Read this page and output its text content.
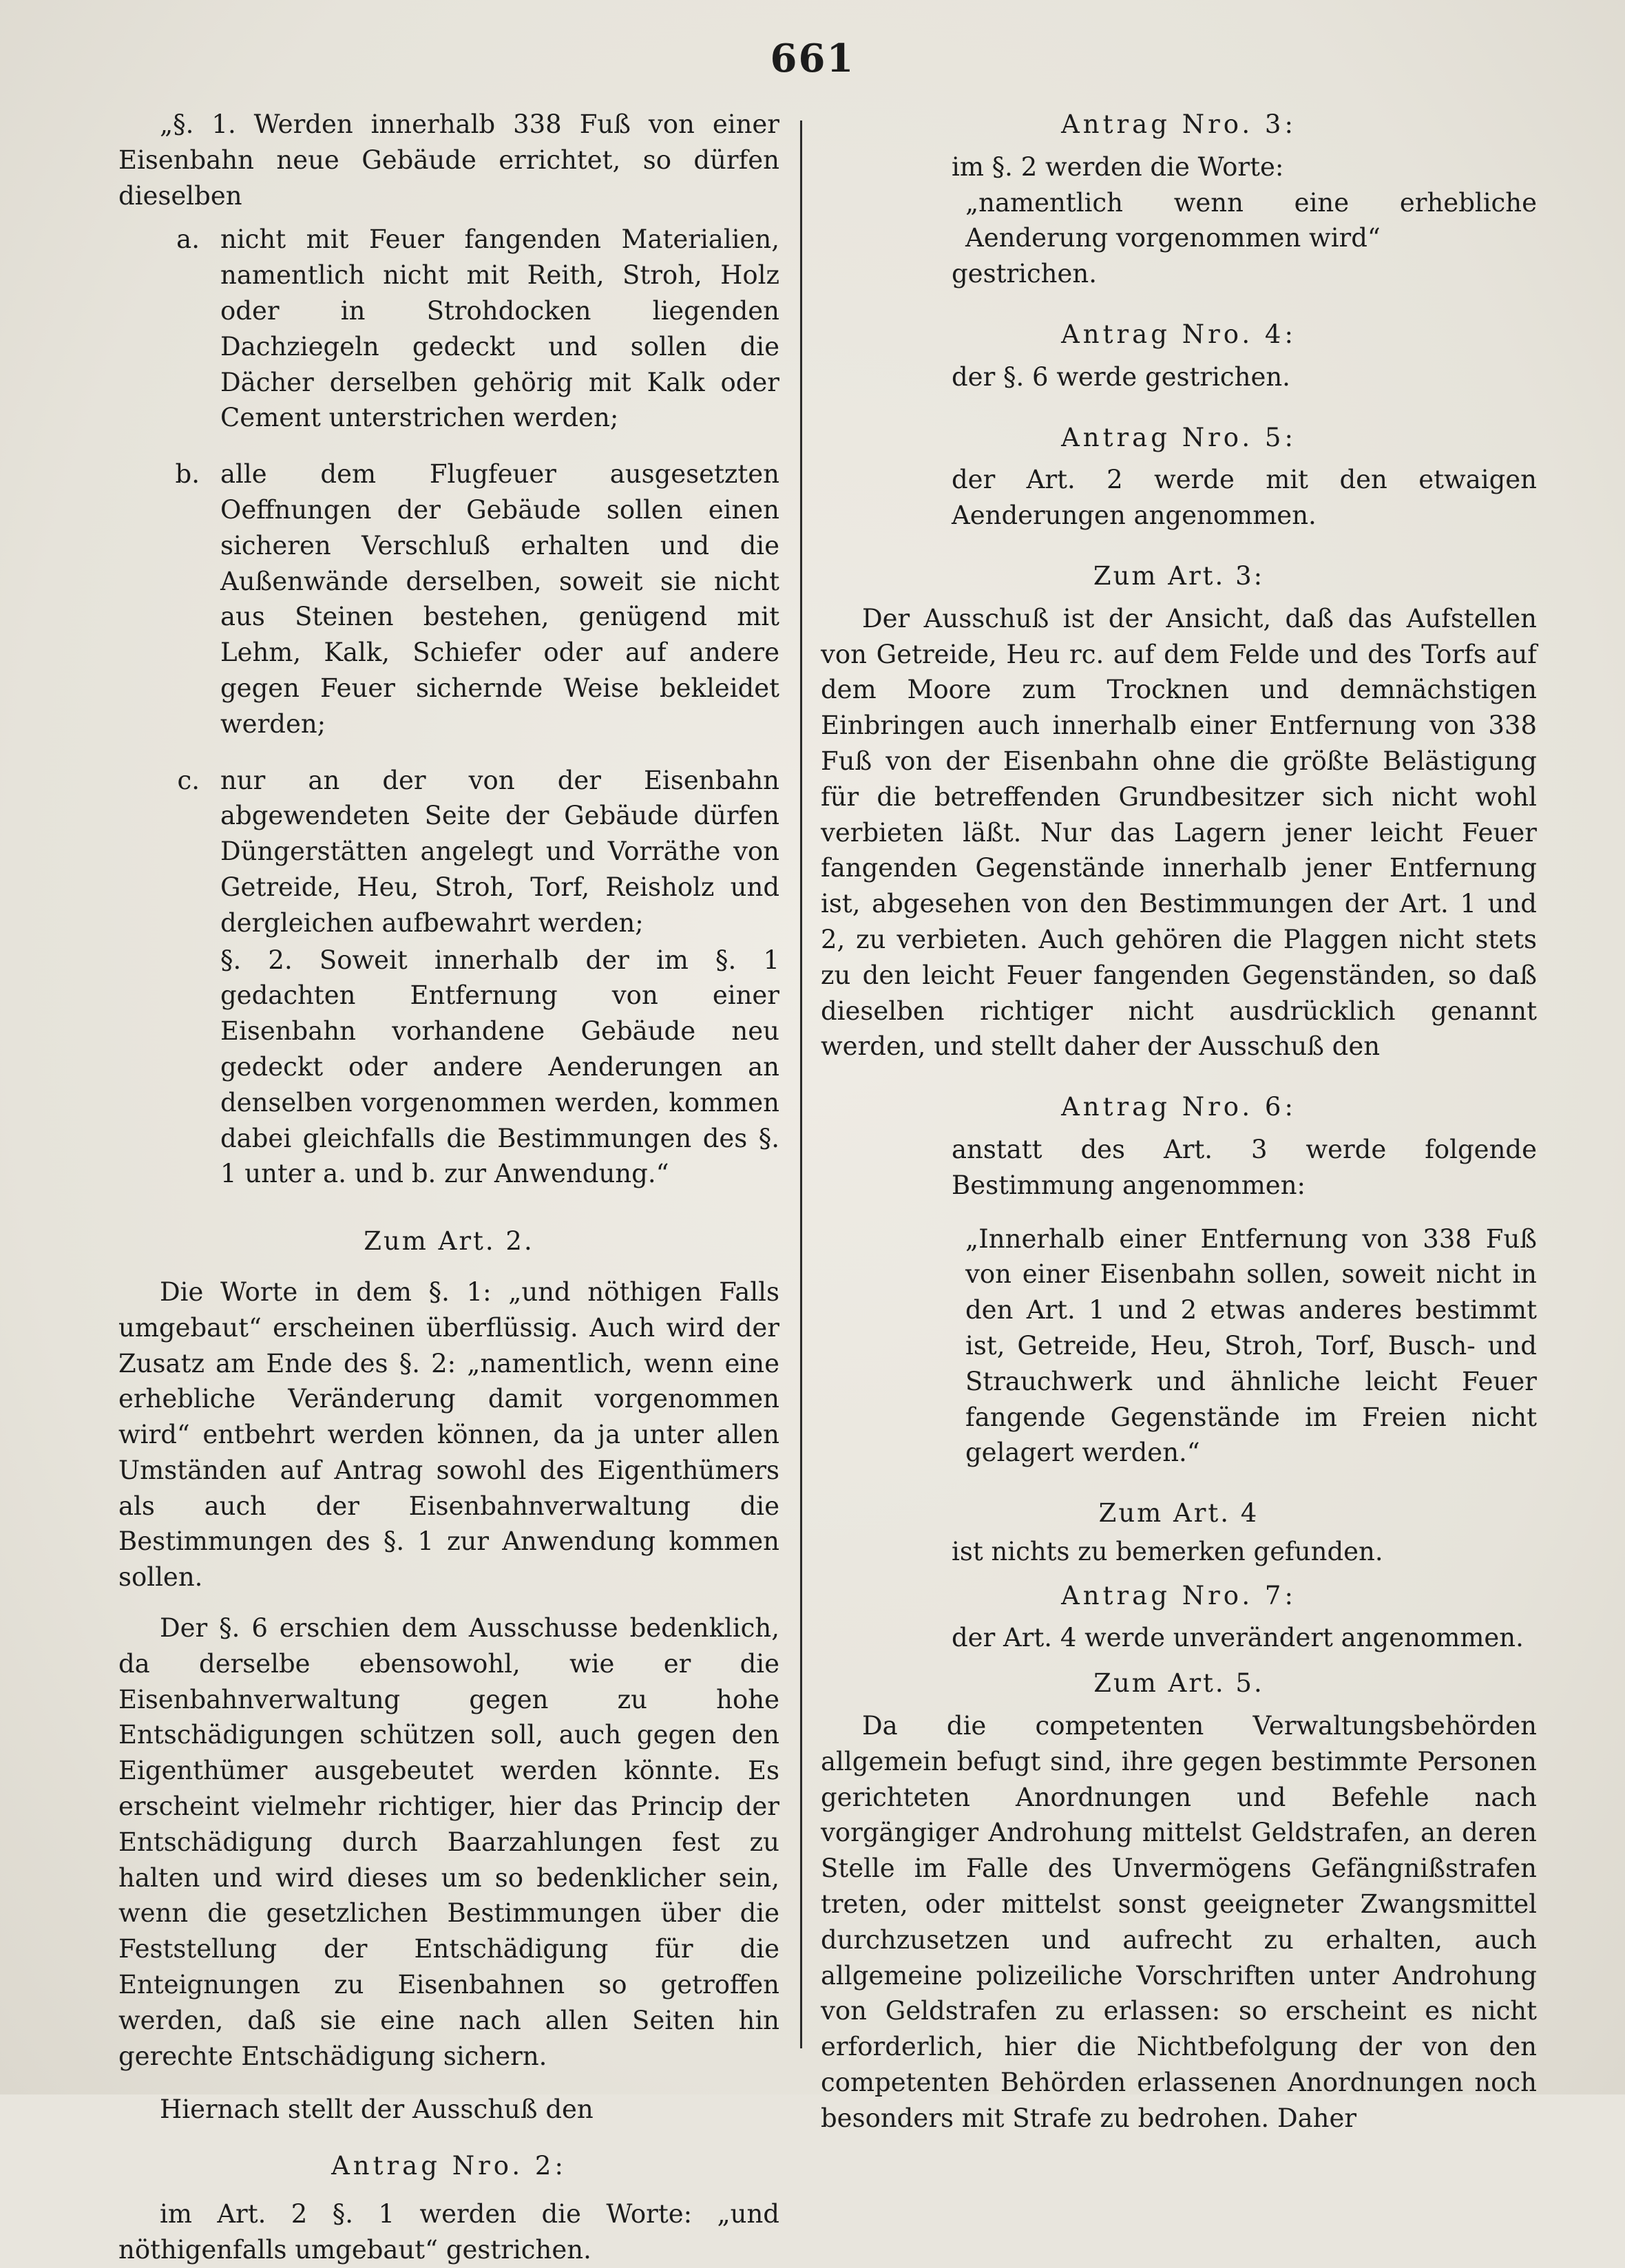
661

„§. 1. Werden innerhalb 338 Fuß von einer Eisenbahn neue Gebäude errichtet, so dürfen dieselben

a. nicht mit Feuer fangenden Materialien, namentlich nicht mit Reith, Stroh, Holz oder in Strohdocken liegenden Dachziegeln gedeckt und sollen die Dächer derselben gehörig mit Kalk oder Cement unterstrichen werden;
b. alle dem Flugfeuer ausgesetzten Oeffnungen der Gebäude sollen einen sicheren Verschluß erhalten und die Außenwände derselben, soweit sie nicht aus Steinen bestehen, genügend mit Lehm, Kalk, Schiefer oder auf andere gegen Feuer sichernde Weise bekleidet werden;
c. nur an der von der Eisenbahn abgewendeten Seite der Gebäude dürfen Düngerstätten angelegt und Vorräthe von Getreide, Heu, Stroh, Torf, Reisholz und dergleichen aufbewahrt werden;

§. 2. Soweit innerhalb der im §. 1 gedachten Entfernung von einer Eisenbahn vorhandene Gebäude neu gedeckt oder andere Aenderungen an denselben vorgenommen werden, kommen dabei gleichfalls die Bestimmungen des §. 1 unter a. und b. zur Anwendung.“

Zum Art. 2.

Die Worte in dem §. 1: „und nöthigen Falls umgebaut“ erscheinen überflüssig. Auch wird der Zusatz am Ende des §. 2: „namentlich, wenn eine erhebliche Veränderung damit vorgenommen wird“ entbehrt werden können, da ja unter allen Umständen auf Antrag sowohl des Eigenthümers als auch der Eisenbahnverwaltung die Bestimmungen des §. 1 zur Anwendung kommen sollen.

Der §. 6 erschien dem Ausschusse bedenklich, da derselbe ebensowohl, wie er die Eisenbahnverwaltung gegen zu hohe Entschädigungen schützen soll, auch gegen den Eigenthümer ausgebeutet werden könnte. Es erscheint vielmehr richtiger, hier das Princip der Entschädigung durch Baarzahlungen fest zu halten und wird dieses um so bedenklicher sein, wenn die gesetzlichen Bestimmungen über die Feststellung der Entschädigung für die Enteignungen zu Eisenbahnen so getroffen werden, daß sie eine nach allen Seiten hin gerechte Entschädigung sichern.

Hiernach stellt der Ausschuß den

Antrag Nro. 2:

im Art. 2 §. 1 werden die Worte: „und nöthigenfalls umgebaut“ gestrichen.

Antrag Nro. 3:

im §. 2 werden die Worte:

„namentlich wenn eine erhebliche Aenderung vorgenommen wird“

gestrichen.

Antrag Nro. 4:

der §. 6 werde gestrichen.

Antrag Nro. 5:

der Art. 2 werde mit den etwaigen Aenderungen angenommen.

Zum Art. 3:

Der Ausschuß ist der Ansicht, daß das Aufstellen von Getreide, Heu rc. auf dem Felde und des Torfs auf dem Moore zum Trocknen und demnächstigen Einbringen auch innerhalb einer Entfernung von 338 Fuß von der Eisenbahn ohne die größte Belästigung für die betreffenden Grundbesitzer sich nicht wohl verbieten läßt. Nur das Lagern jener leicht Feuer fangenden Gegenstände innerhalb jener Entfernung ist, abgesehen von den Bestimmungen der Art. 1 und 2, zu verbieten. Auch gehören die Plaggen nicht stets zu den leicht Feuer fangenden Gegenständen, so daß dieselben richtiger nicht ausdrücklich genannt werden, und stellt daher der Ausschuß den

Antrag Nro. 6:

anstatt des Art. 3 werde folgende Bestimmung angenommen:

„Innerhalb einer Entfernung von 338 Fuß von einer Eisenbahn sollen, soweit nicht in den Art. 1 und 2 etwas anderes bestimmt ist, Getreide, Heu, Stroh, Torf, Busch- und Strauchwerk und ähnliche leicht Feuer fangende Gegenstände im Freien nicht gelagert werden.“

Zum Art. 4

ist nichts zu bemerken gefunden.

Antrag Nro. 7:

der Art. 4 werde unverändert angenommen.

Zum Art. 5.

Da die competenten Verwaltungsbehörden allgemein befugt sind, ihre gegen bestimmte Personen gerichteten Anordnungen und Befehle nach vorgängiger Androhung mittelst Geldstrafen, an deren Stelle im Falle des Unvermögens Gefängnißstrafen treten, oder mittelst sonst geeigneter Zwangsmittel durchzusetzen und aufrecht zu erhalten, auch allgemeine polizeiliche Vorschriften unter Androhung von Geldstrafen zu erlassen: so erscheint es nicht erforderlich, hier die Nichtbefolgung der von den competenten Behörden erlassenen Anordnungen noch besonders mit Strafe zu bedrohen. Daher
